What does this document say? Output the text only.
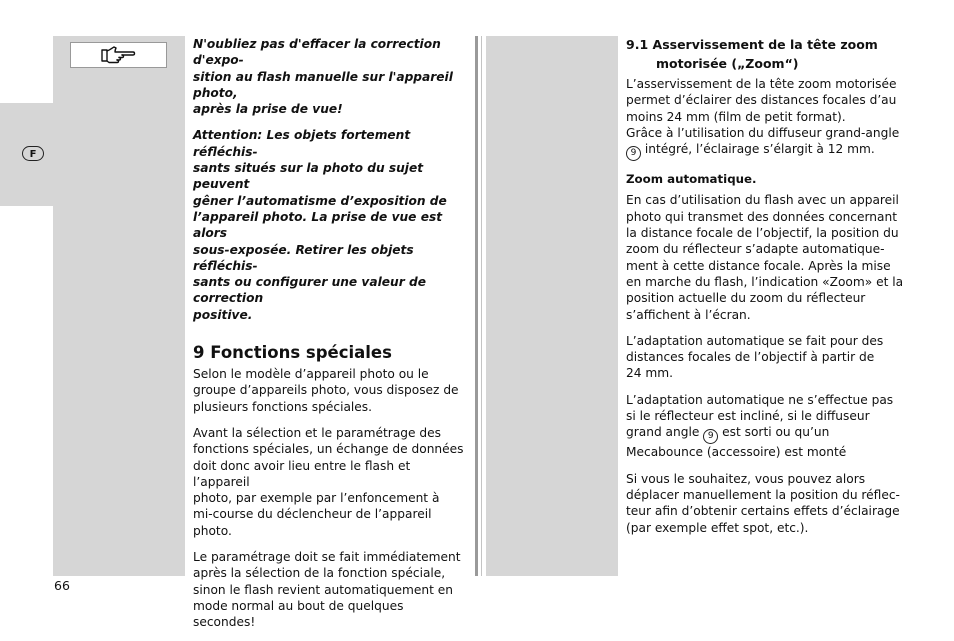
F
N'oubliez pas d'effacer la correction d'expo-
sition au flash manuelle sur l'appareil photo,
après la prise de vue!
Attention: Les objets fortement réfléchis-
sants situés sur la photo du sujet peuvent
gêner l’automatisme d’exposition de
l’appareil photo. La prise de vue est alors
sous-exposée. Retirer les objets réfléchis-
sants ou configurer une valeur de correction
positive.
9 Fonctions spéciales
Selon le modèle d’appareil photo ou le
groupe d’appareils photo, vous disposez de
plusieurs fonctions spéciales.
Avant la sélection et le paramétrage des
fonctions spéciales, un échange de données
doit donc avoir lieu entre le flash et l’appareil
photo, par exemple par l’enfoncement à
mi-course du déclencheur de l’appareil
photo.
Le paramétrage doit se fait immédiatement
après la sélection de la fonction spéciale,
sinon le flash revient automatiquement en
mode normal au bout de quelques secondes!
9.1 Asservissement de la tête zoom
motorisée („Zoom“)
L’asservissement de la tête zoom motorisée
permet d’éclairer des distances focales d’au
moins 24 mm (film de petit format).
Grâce à l’utilisation du diffuseur grand-angle
9 intégré, l’éclairage s’élargit à 12 mm.
Zoom automatique.
En cas d’utilisation du flash avec un appareil
photo qui transmet des données concernant
la distance focale de l’objectif, la position du
zoom du réflecteur s’adapte automatique-
ment à cette distance focale. Après la mise
en marche du flash, l’indication «Zoom» et la
position actuelle du zoom du réflecteur
s’affichent à l’écran.
L’adaptation automatique se fait pour des
distances focales de l’objectif à partir de
24 mm.
L’adaptation automatique ne s’effectue pas
si le réflecteur est incliné, si le diffuseur
grand angle 9 est sorti ou qu’un
Mecabounce (accessoire) est monté
Si vous le souhaitez, vous pouvez alors
déplacer manuellement la position du réflec-
teur afin d’obtenir certains effets d’éclairage
(par exemple effet spot, etc.).
66
